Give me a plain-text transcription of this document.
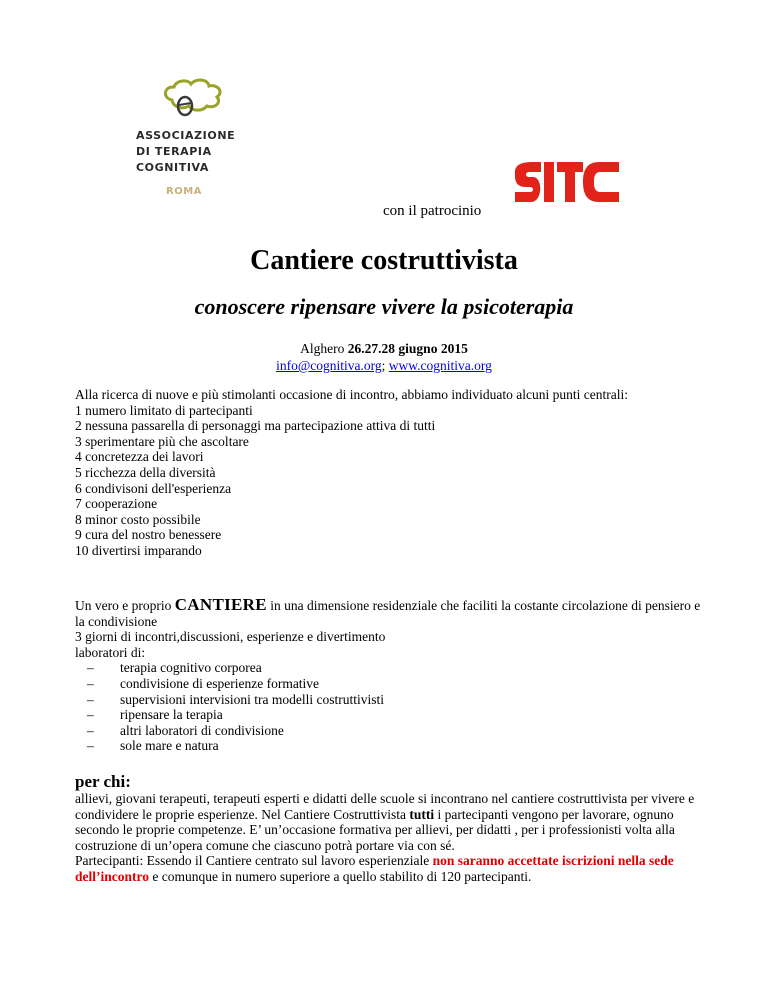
ASSOCIAZIONE
DI TERAPIA
COGNITIVA
ROMA
con il patrocinio
Cantiere costruttivista
conoscere ripensare vivere la psicoterapia
Alghero 26.27.28 giugno 2015
info@cognitiva.org; www.cognitiva.org

Alla ricerca di nuove e più stimolanti occasione di incontro, abbiamo individuato alcuni punti centrali:

1 numero limitato di partecipanti

2 nessuna passarella di personaggi ma partecipazione attiva di tutti

3 sperimentare più che ascoltare

4 concretezza dei lavori

5 ricchezza della diversità

6 condivisoni dell'esperienza

7 cooperazione

8 minor costo possibile

9 cura del nostro benessere

10 divertirsi imparando

Un vero e proprio CANTIERE in una dimensione residenziale che faciliti la costante circolazione di pensiero e la condivisione

3 giorni di incontri,discussioni, esperienze e divertimento

laboratori di:

– terapia cognitivo corporea
– condivisione di esperienze formative
– supervisioni intervisioni tra modelli costruttivisti
– ripensare la terapia
– altri laboratori di condivisione
– sole mare e natura
per chi:

allievi, giovani terapeuti, terapeuti esperti e didatti delle scuole si incontrano nel cantiere costruttivista per vivere e condividere le proprie esperienze. Nel Cantiere Costruttivista tutti i partecipanti vengono per lavorare, ognuno secondo le proprie competenze. E’ un’occasione formativa per allievi, per didatti , per i professionisti volta alla costruzione di un’opera comune che ciascuno potrà portare via con sé.

Partecipanti: Essendo il Cantiere centrato sul lavoro esperienziale non saranno accettate iscrizioni nella sede dell’incontro e comunque in numero superiore a quello stabilito di 120 partecipanti.
